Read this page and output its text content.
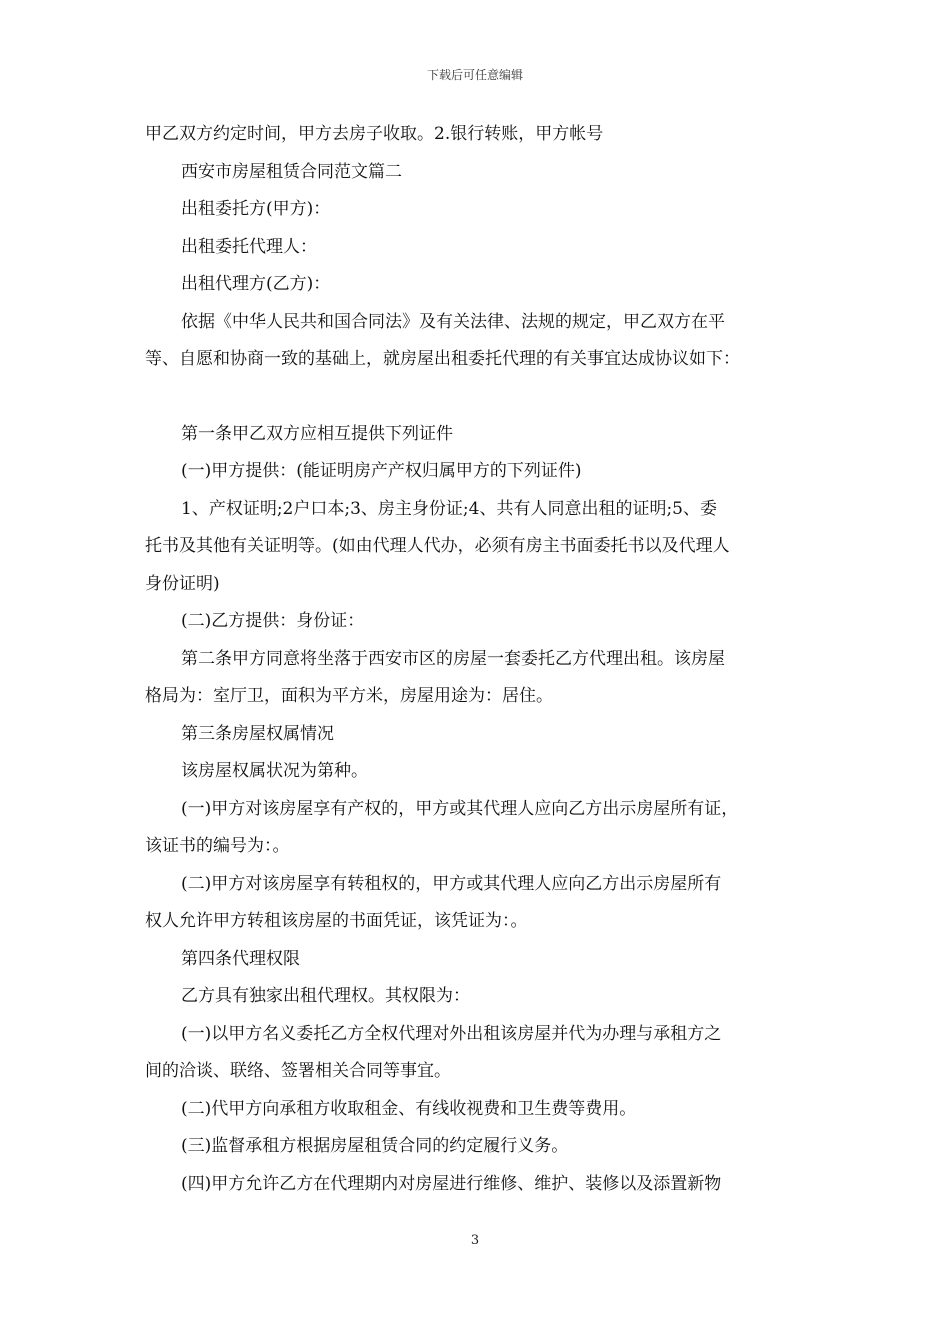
下载后可任意编辑
甲乙双方约定时间，甲方去房子收取。2.银行转账，甲方帐号
西安市房屋租赁合同范文篇二
出租委托方(甲方)：
出租委托代理人：
出租代理方(乙方)：
依据《中华人民共和国合同法》及有关法律、法规的规定，甲乙双方在平
等、自愿和协商一致的基础上，就房屋出租委托代理的有关事宜达成协议如下：
第一条甲乙双方应相互提供下列证件
(一)甲方提供：(能证明房产产权归属甲方的下列证件)
1、产权证明;2户口本;3、房主身份证;4、共有人同意出租的证明;5、委
托书及其他有关证明等。(如由代理人代办，必须有房主书面委托书以及代理人
身份证明)
(二)乙方提供：身份证：
第二条甲方同意将坐落于西安市区的房屋一套委托乙方代理出租。该房屋
格局为：室厅卫，面积为平方米，房屋用途为：居住。
第三条房屋权属情况
该房屋权属状况为第种。
(一)甲方对该房屋享有产权的，甲方或其代理人应向乙方出示房屋所有证，
该证书的编号为：。
(二)甲方对该房屋享有转租权的，甲方或其代理人应向乙方出示房屋所有
权人允许甲方转租该房屋的书面凭证，该凭证为：。
第四条代理权限
乙方具有独家出租代理权。其权限为：
(一)以甲方名义委托乙方全权代理对外出租该房屋并代为办理与承租方之
间的洽谈、联络、签署相关合同等事宜。
(二)代甲方向承租方收取租金、有线收视费和卫生费等费用。
(三)监督承租方根据房屋租赁合同的约定履行义务。
(四)甲方允许乙方在代理期内对房屋进行维修、维护、装修以及添置新物
3
